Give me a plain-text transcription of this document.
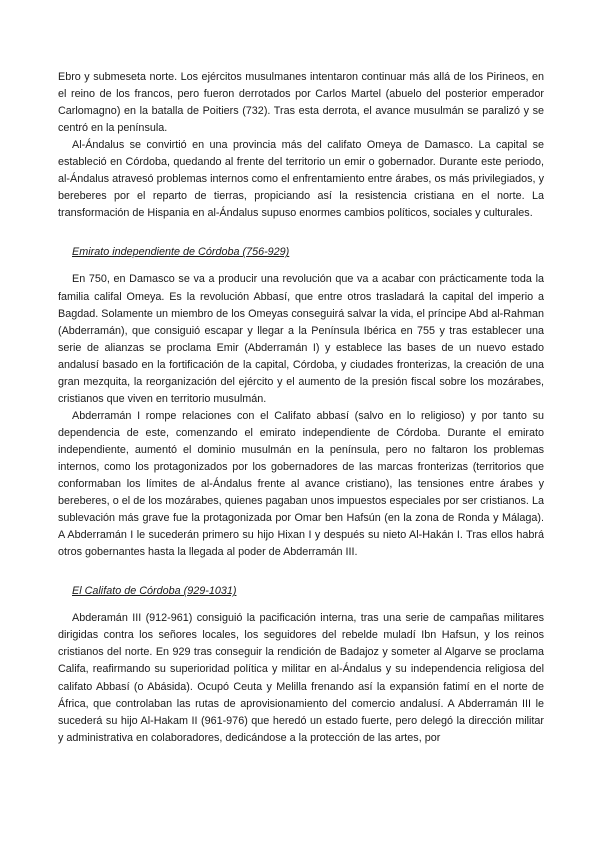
Ebro y submeseta norte. Los ejércitos musulmanes intentaron continuar más allá de los Pirineos, en el reino de los francos, pero fueron derrotados por Carlos Martel (abuelo del posterior emperador Carlomagno) en la batalla de Poitiers (732). Tras esta derrota, el avance musulmán se paralizó y se centró en la península.

Al-Ándalus se convirtió en una provincia más del califato Omeya de Damasco. La capital se estableció en Córdoba, quedando al frente del territorio un emir o gobernador. Durante este periodo, al-Ándalus atravesó problemas internos como el enfrentamiento entre árabes, os más privilegiados, y bereberes por el reparto de tierras, propiciando así la resistencia cristiana en el norte. La transformación de Hispania en al-Ándalus supuso enormes cambios políticos, sociales y culturales.

Emirato independiente de Córdoba (756-929)

En 750, en Damasco se va a producir una revolución que va a acabar con prácticamente toda la familia califal Omeya. Es la revolución Abbasí, que entre otros trasladará la capital del imperio a Bagdad. Solamente un miembro de los Omeyas conseguirá salvar la vida, el príncipe Abd al-Rahman (Abderramán), que consiguió escapar y llegar a la Península Ibérica en 755 y tras establecer una serie de alianzas se proclama Emir (Abderramán I) y establece las bases de un nuevo estado andalusí basado en la fortificación de la capital, Córdoba, y ciudades fronterizas, la creación de una gran mezquita, la reorganización del ejército y el aumento de la presión fiscal sobre los mozárabes, cristianos que viven en territorio musulmán.

Abderramán I rompe relaciones con el Califato abbasí (salvo en lo religioso) y por tanto su dependencia de este, comenzando el emirato independiente de Córdoba. Durante el emirato independiente, aumentó el dominio musulmán en la península, pero no faltaron los problemas internos, como los protagonizados por los gobernadores de las marcas fronterizas (territorios que conformaban los límites de al-Ándalus frente al avance cristiano), las tensiones entre árabes y bereberes, o el de los mozárabes, quienes pagaban unos impuestos especiales por ser cristianos. La sublevación más grave fue la protagonizada por Omar ben Hafsún (en la zona de Ronda y Málaga). A Abderramán I le sucederán primero su hijo Hixan I y después su nieto Al-Hakán I. Tras ellos habrá otros gobernantes hasta la llegada al poder de Abderramán III.

El Califato de Córdoba (929-1031)

Abderamán III (912-961) consiguió la pacificación interna, tras una serie de campañas militares dirigidas contra los señores locales, los seguidores del rebelde muladí Ibn Hafsun, y los reinos cristianos del norte. En 929 tras conseguir la rendición de Badajoz y someter al Algarve se proclama Califa, reafirmando su superioridad política y militar en al-Ándalus y su independencia religiosa del califato Abbasí (o Abásida). Ocupó Ceuta y Melilla frenando así la expansión fatimí en el norte de África, que controlaban las rutas de aprovisionamiento del comercio andalusí. A Abderramán III le sucederá su hijo Al-Hakam II (961-976) que heredó un estado fuerte, pero delegó la dirección militar y administrativa en colaboradores, dedicándose a la protección de las artes, por
